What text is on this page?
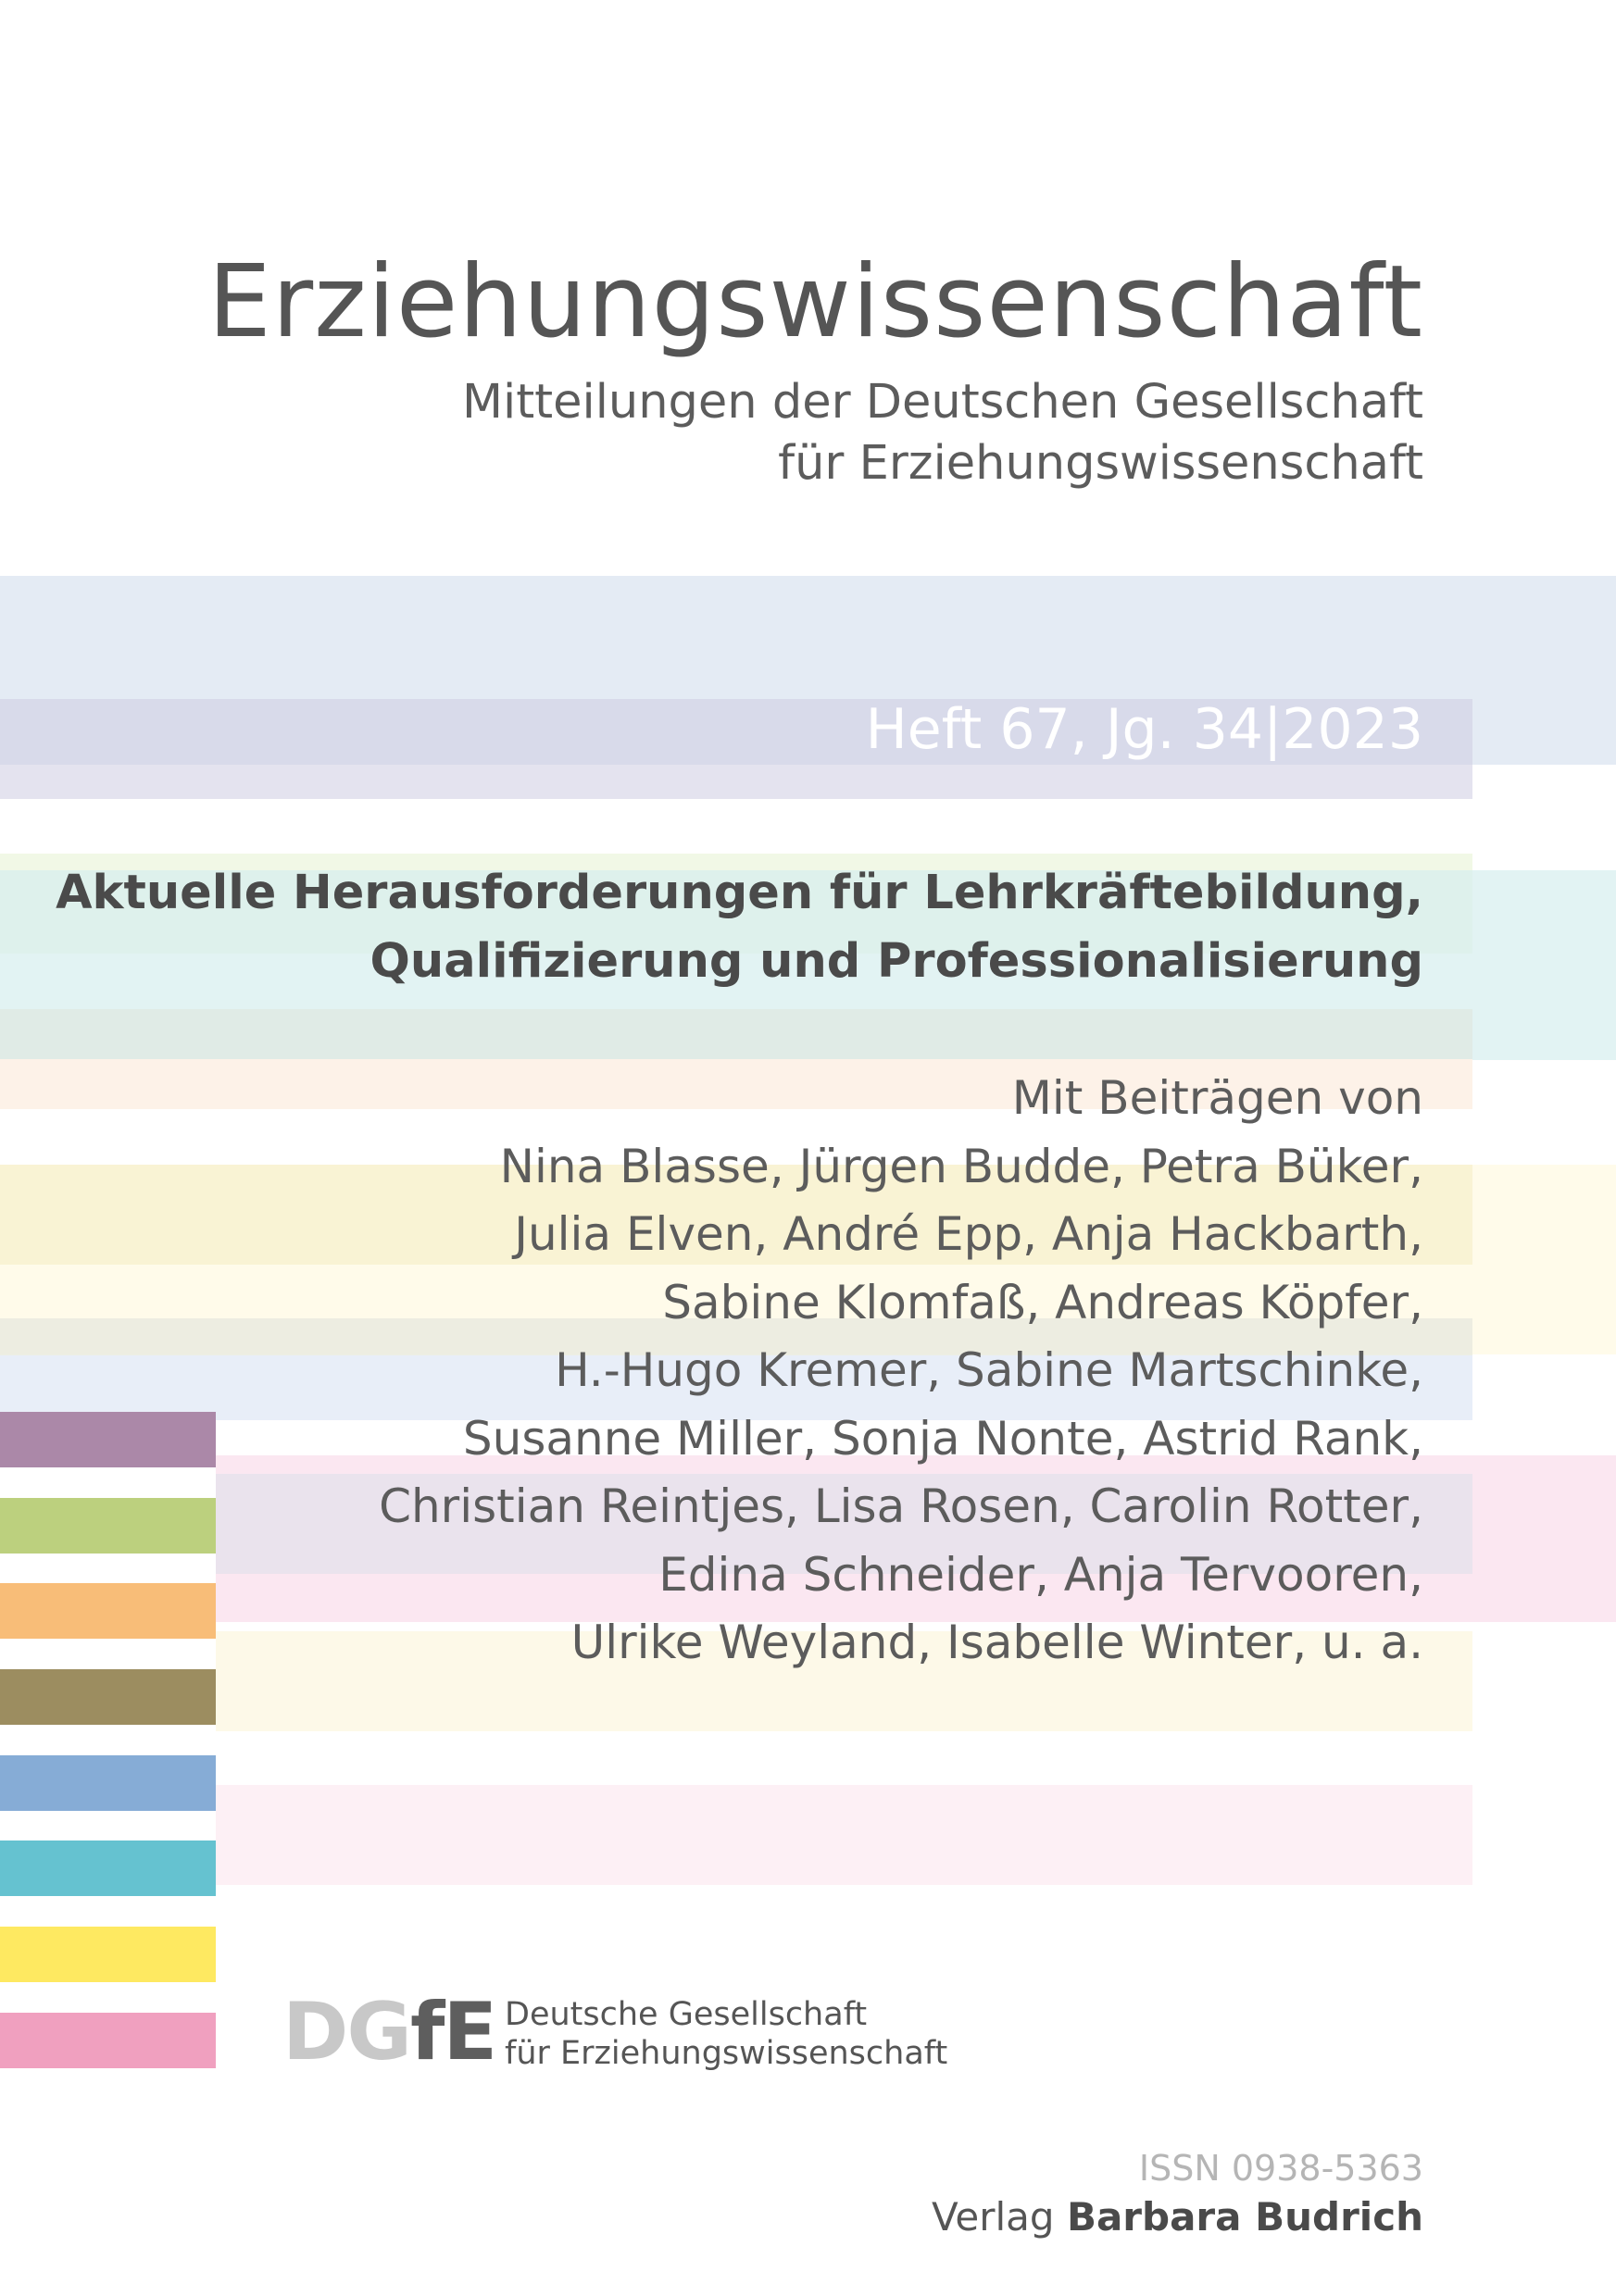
Erziehungswissenschaft
Mitteilungen der Deutschen Gesellschaft
für Erziehungswissenschaft
Heft 67, Jg. 34|2023
Aktuelle Herausforderungen für Lehrkräftebildung,
Qualifizierung und Professionalisierung
Mit Beiträgen von
Nina Blasse, Jürgen Budde, Petra Büker,
Julia Elven, André Epp, Anja Hackbarth,
Sabine Klomfaß, Andreas Köpfer,
H.-Hugo Kremer, Sabine Martschinke,
Susanne Miller, Sonja Nonte, Astrid Rank,
Christian Reintjes, Lisa Rosen, Carolin Rotter,
Edina Schneider, Anja Tervooren,
Ulrike Weyland, Isabelle Winter, u. a.
DGfE Deutsche Gesellschaft
für Erziehungswissenschaft
ISSN 0938-5363
Verlag Barbara Budrich
